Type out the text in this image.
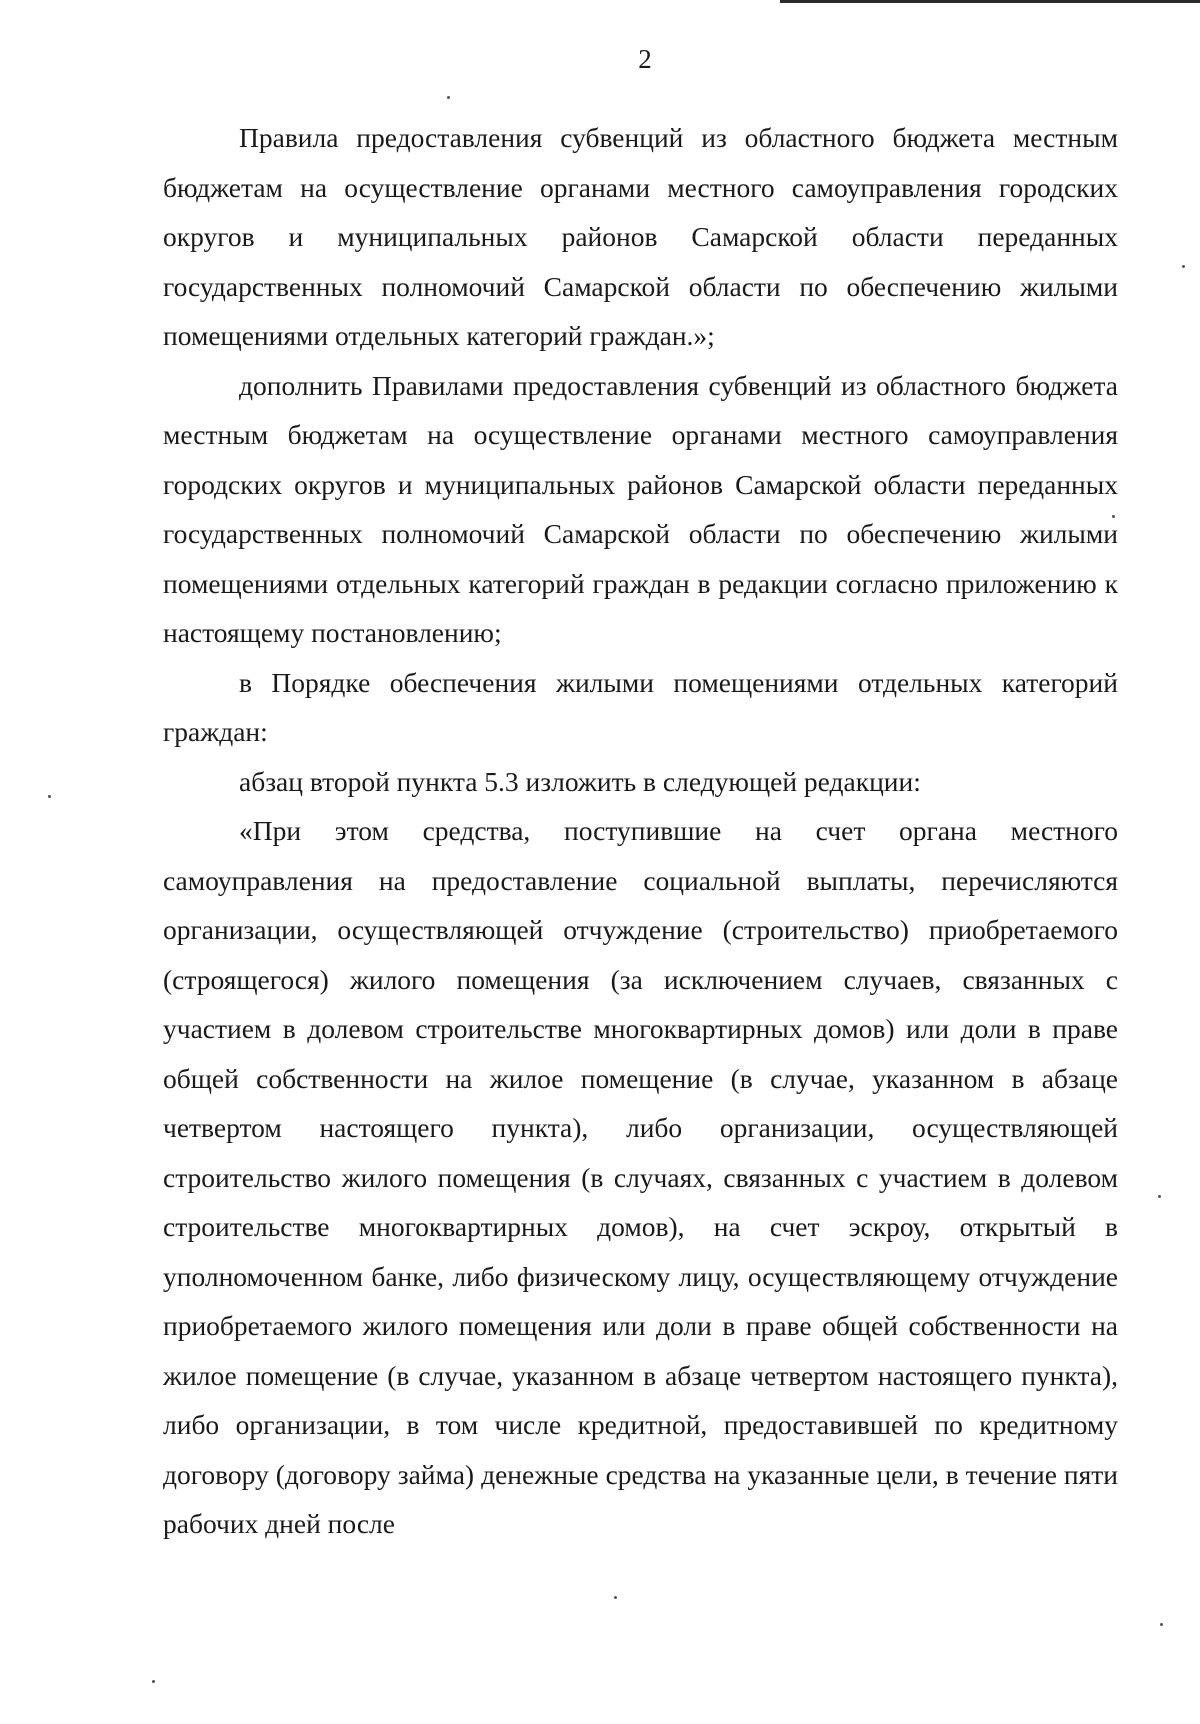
2

Правила предоставления субвенций из областного бюджета местным бюджетам на осуществление органами местного самоуправления городских округов и муниципальных районов Самарской области переданных государственных полномочий Самарской области по обеспечению жилыми помещениями отдельных категорий граждан.»;

дополнить Правилами предоставления субвенций из областного бюджета местным бюджетам на осуществление органами местного самоуправления городских округов и муниципальных районов Самарской области переданных государственных полномочий Самарской области по обеспечению жилыми помещениями отдельных категорий граждан в редакции согласно приложению к настоящему постановлению;

в Порядке обеспечения жилыми помещениями отдельных категорий граждан:

абзац второй пункта 5.3 изложить в следующей редакции:

«При этом средства, поступившие на счет органа местного самоуправления на предоставление социальной выплаты, перечисляются организации, осуществляющей отчуждение (строительство) приобретаемого (строящегося) жилого помещения (за исключением случаев, связанных с участием в долевом строительстве многоквартирных домов) или доли в праве общей собственности на жилое помещение (в случае, указанном в абзаце четвертом настоящего пункта), либо организации, осуществляющей строительство жилого помещения (в случаях, связанных с участием в долевом строительстве многоквартирных домов), на счет эскроу, открытый в уполномоченном банке, либо физическому лицу, осуществляющему отчуждение приобретаемого жилого помещения или доли в праве общей собственности на жилое помещение (в случае, указанном в абзаце четвертом настоящего пункта), либо организации, в том числе кредитной, предоставившей по кредитному договору (договору займа) денежные средства на указанные цели, в течение пяти рабочих дней после
